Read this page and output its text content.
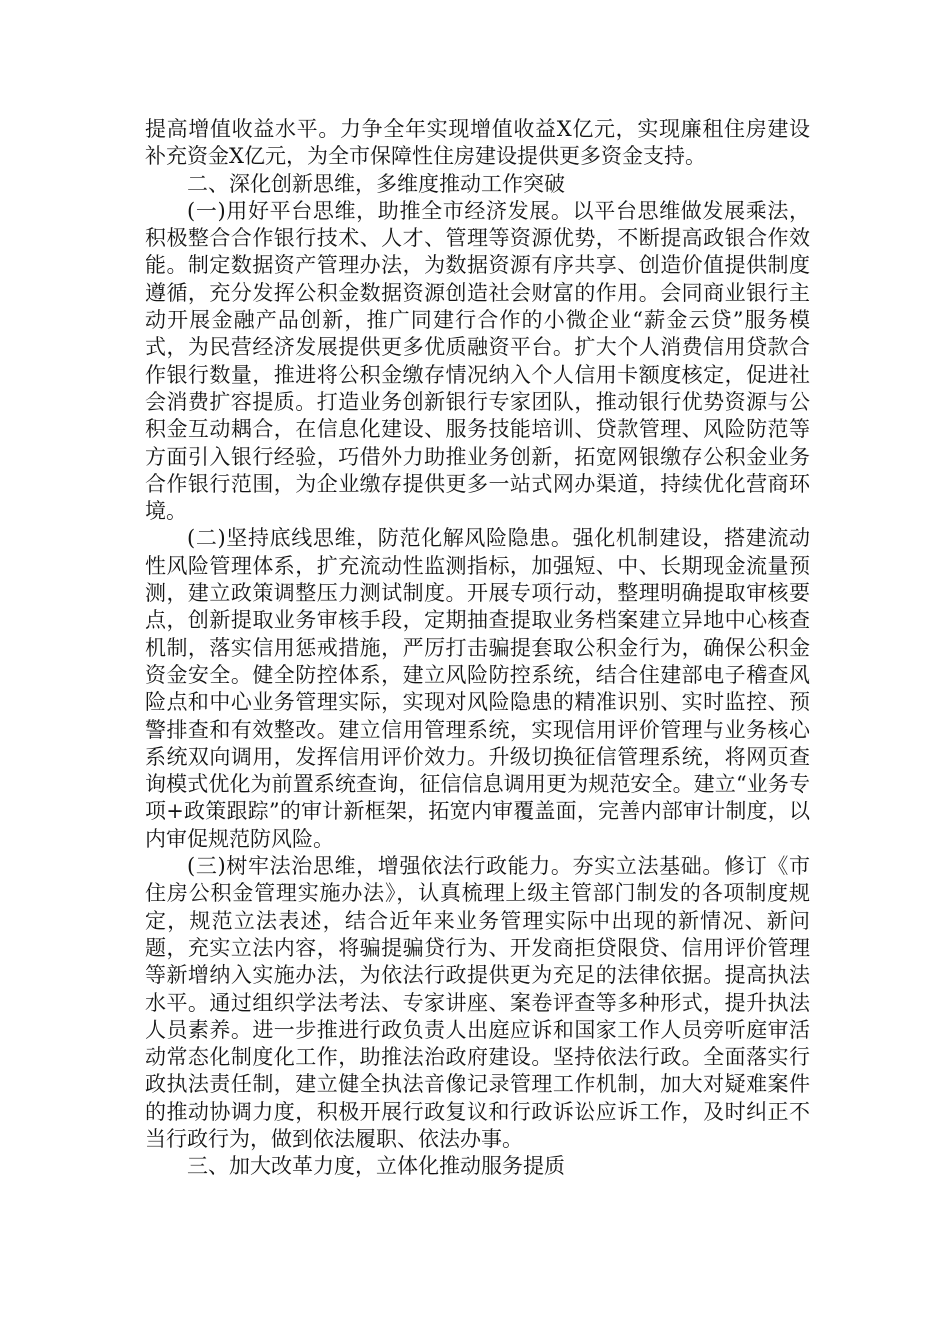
提高增值收益水平。力争全年实现增值收益X亿元，实现廉租住房建设补充资金X亿元，为全市保障性住房建设提供更多资金支持。

二、深化创新思维，多维度推动工作突破

(一)用好平台思维，助推全市经济发展。以平台思维做发展乘法，积极整合合作银行技术、人才、管理等资源优势，不断提高政银合作效能。制定数据资产管理办法，为数据资源有序共享、创造价值提供制度遵循，充分发挥公积金数据资源创造社会财富的作用。会同商业银行主动开展金融产品创新，推广同建行合作的小微企业“薪金云贷”服务模式，为民营经济发展提供更多优质融资平台。扩大个人消费信用贷款合作银行数量，推进将公积金缴存情况纳入个人信用卡额度核定，促进社会消费扩容提质。打造业务创新银行专家团队，推动银行优势资源与公积金互动耦合，在信息化建设、服务技能培训、贷款管理、风险防范等方面引入银行经验，巧借外力助推业务创新，拓宽网银缴存公积金业务合作银行范围，为企业缴存提供更多一站式网办渠道，持续优化营商环境。

(二)坚持底线思维，防范化解风险隐患。强化机制建设，搭建流动性风险管理体系，扩充流动性监测指标，加强短、中、长期现金流量预测，建立政策调整压力测试制度。开展专项行动，整理明确提取审核要点，创新提取业务审核手段，定期抽查提取业务档案建立异地中心核查机制，落实信用惩戒措施，严厉打击骗提套取公积金行为，确保公积金资金安全。健全防控体系，建立风险防控系统，结合住建部电子稽查风险点和中心业务管理实际，实现对风险隐患的精准识别、实时监控、预警排查和有效整改。建立信用管理系统，实现信用评价管理与业务核心系统双向调用，发挥信用评价效力。升级切换征信管理系统，将网页查询模式优化为前置系统查询，征信信息调用更为规范安全。建立“业务专项+政策跟踪”的审计新框架，拓宽内审覆盖面，完善内部审计制度，以内审促规范防风险。

(三)树牢法治思维，增强依法行政能力。夯实立法基础。修订《市住房公积金管理实施办法》，认真梳理上级主管部门制发的各项制度规定，规范立法表述，结合近年来业务管理实际中出现的新情况、新问题，充实立法内容，将骗提骗贷行为、开发商拒贷限贷、信用评价管理等新增纳入实施办法，为依法行政提供更为充足的法律依据。提高执法水平。通过组织学法考法、专家讲座、案卷评查等多种形式，提升执法人员素养。进一步推进行政负责人出庭应诉和国家工作人员旁听庭审活动常态化制度化工作，助推法治政府建设。坚持依法行政。全面落实行政执法责任制，建立健全执法音像记录管理工作机制，加大对疑难案件的推动协调力度，积极开展行政复议和行政诉讼应诉工作，及时纠正不当行政行为，做到依法履职、依法办事。

三、加大改革力度，立体化推动服务提质
